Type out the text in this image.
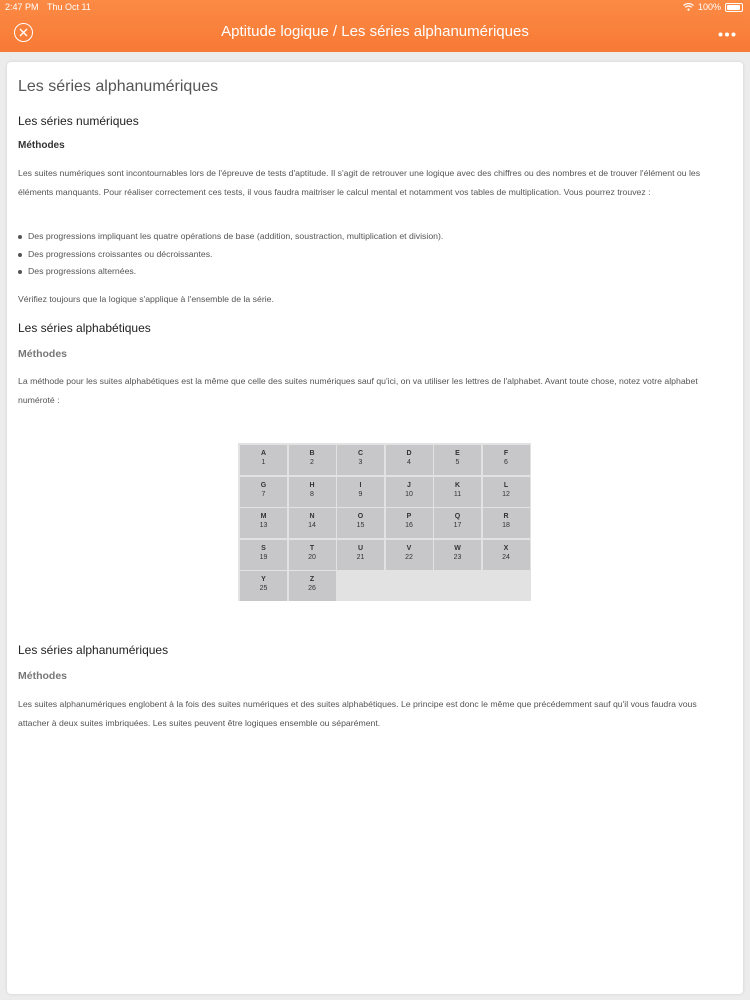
2:47 PM Thu Oct 11	100%
Aptitude logique / Les séries alphanumériques
Les séries alphanumériques
Les séries numériques
Méthodes

Les suites numériques sont incontournables lors de l'épreuve de tests d'aptitude. Il s'agit de retrouver une logique avec des chiffres ou des nombres et de trouver l'élément ou les éléments manquants. Pour réaliser correctement ces tests, il vous faudra maitriser le calcul mental et notamment vos tables de multiplication. Vous pourrez trouvez :

Des progressions impliquant les quatre opérations de base (addition, soustraction, multiplication et division).
Des progressions croissantes ou décroissantes.
Des progressions alternées.

Vérifiez toujours que la logique s'applique à l'ensemble de la série.

Les séries alphabétiques
Méthodes

La méthode pour les suites alphabétiques est la même que celle des suites numériques sauf qu'ici, on va utiliser les lettres de l'alphabet. Avant toute chose, notez votre alphabet numéroté :

A
1
B
2
C
3
D
4
E
5
F
6
G
7
H
8
I
9
J
10
K
11
L
12
M
13
N
14
O
15
P
16
Q
17
R
18
S
19
T
20
U
21
V
22
W
23
X
24
Y
25
Z
26
Les séries alphanumériques
Méthodes

Les suites alphanumériques englobent à la fois des suites numériques et des suites alphabétiques. Le principe est donc le même que précédemment sauf qu'il vous faudra vous attacher à deux suites imbriquées. Les suites peuvent être logiques ensemble ou séparément.
